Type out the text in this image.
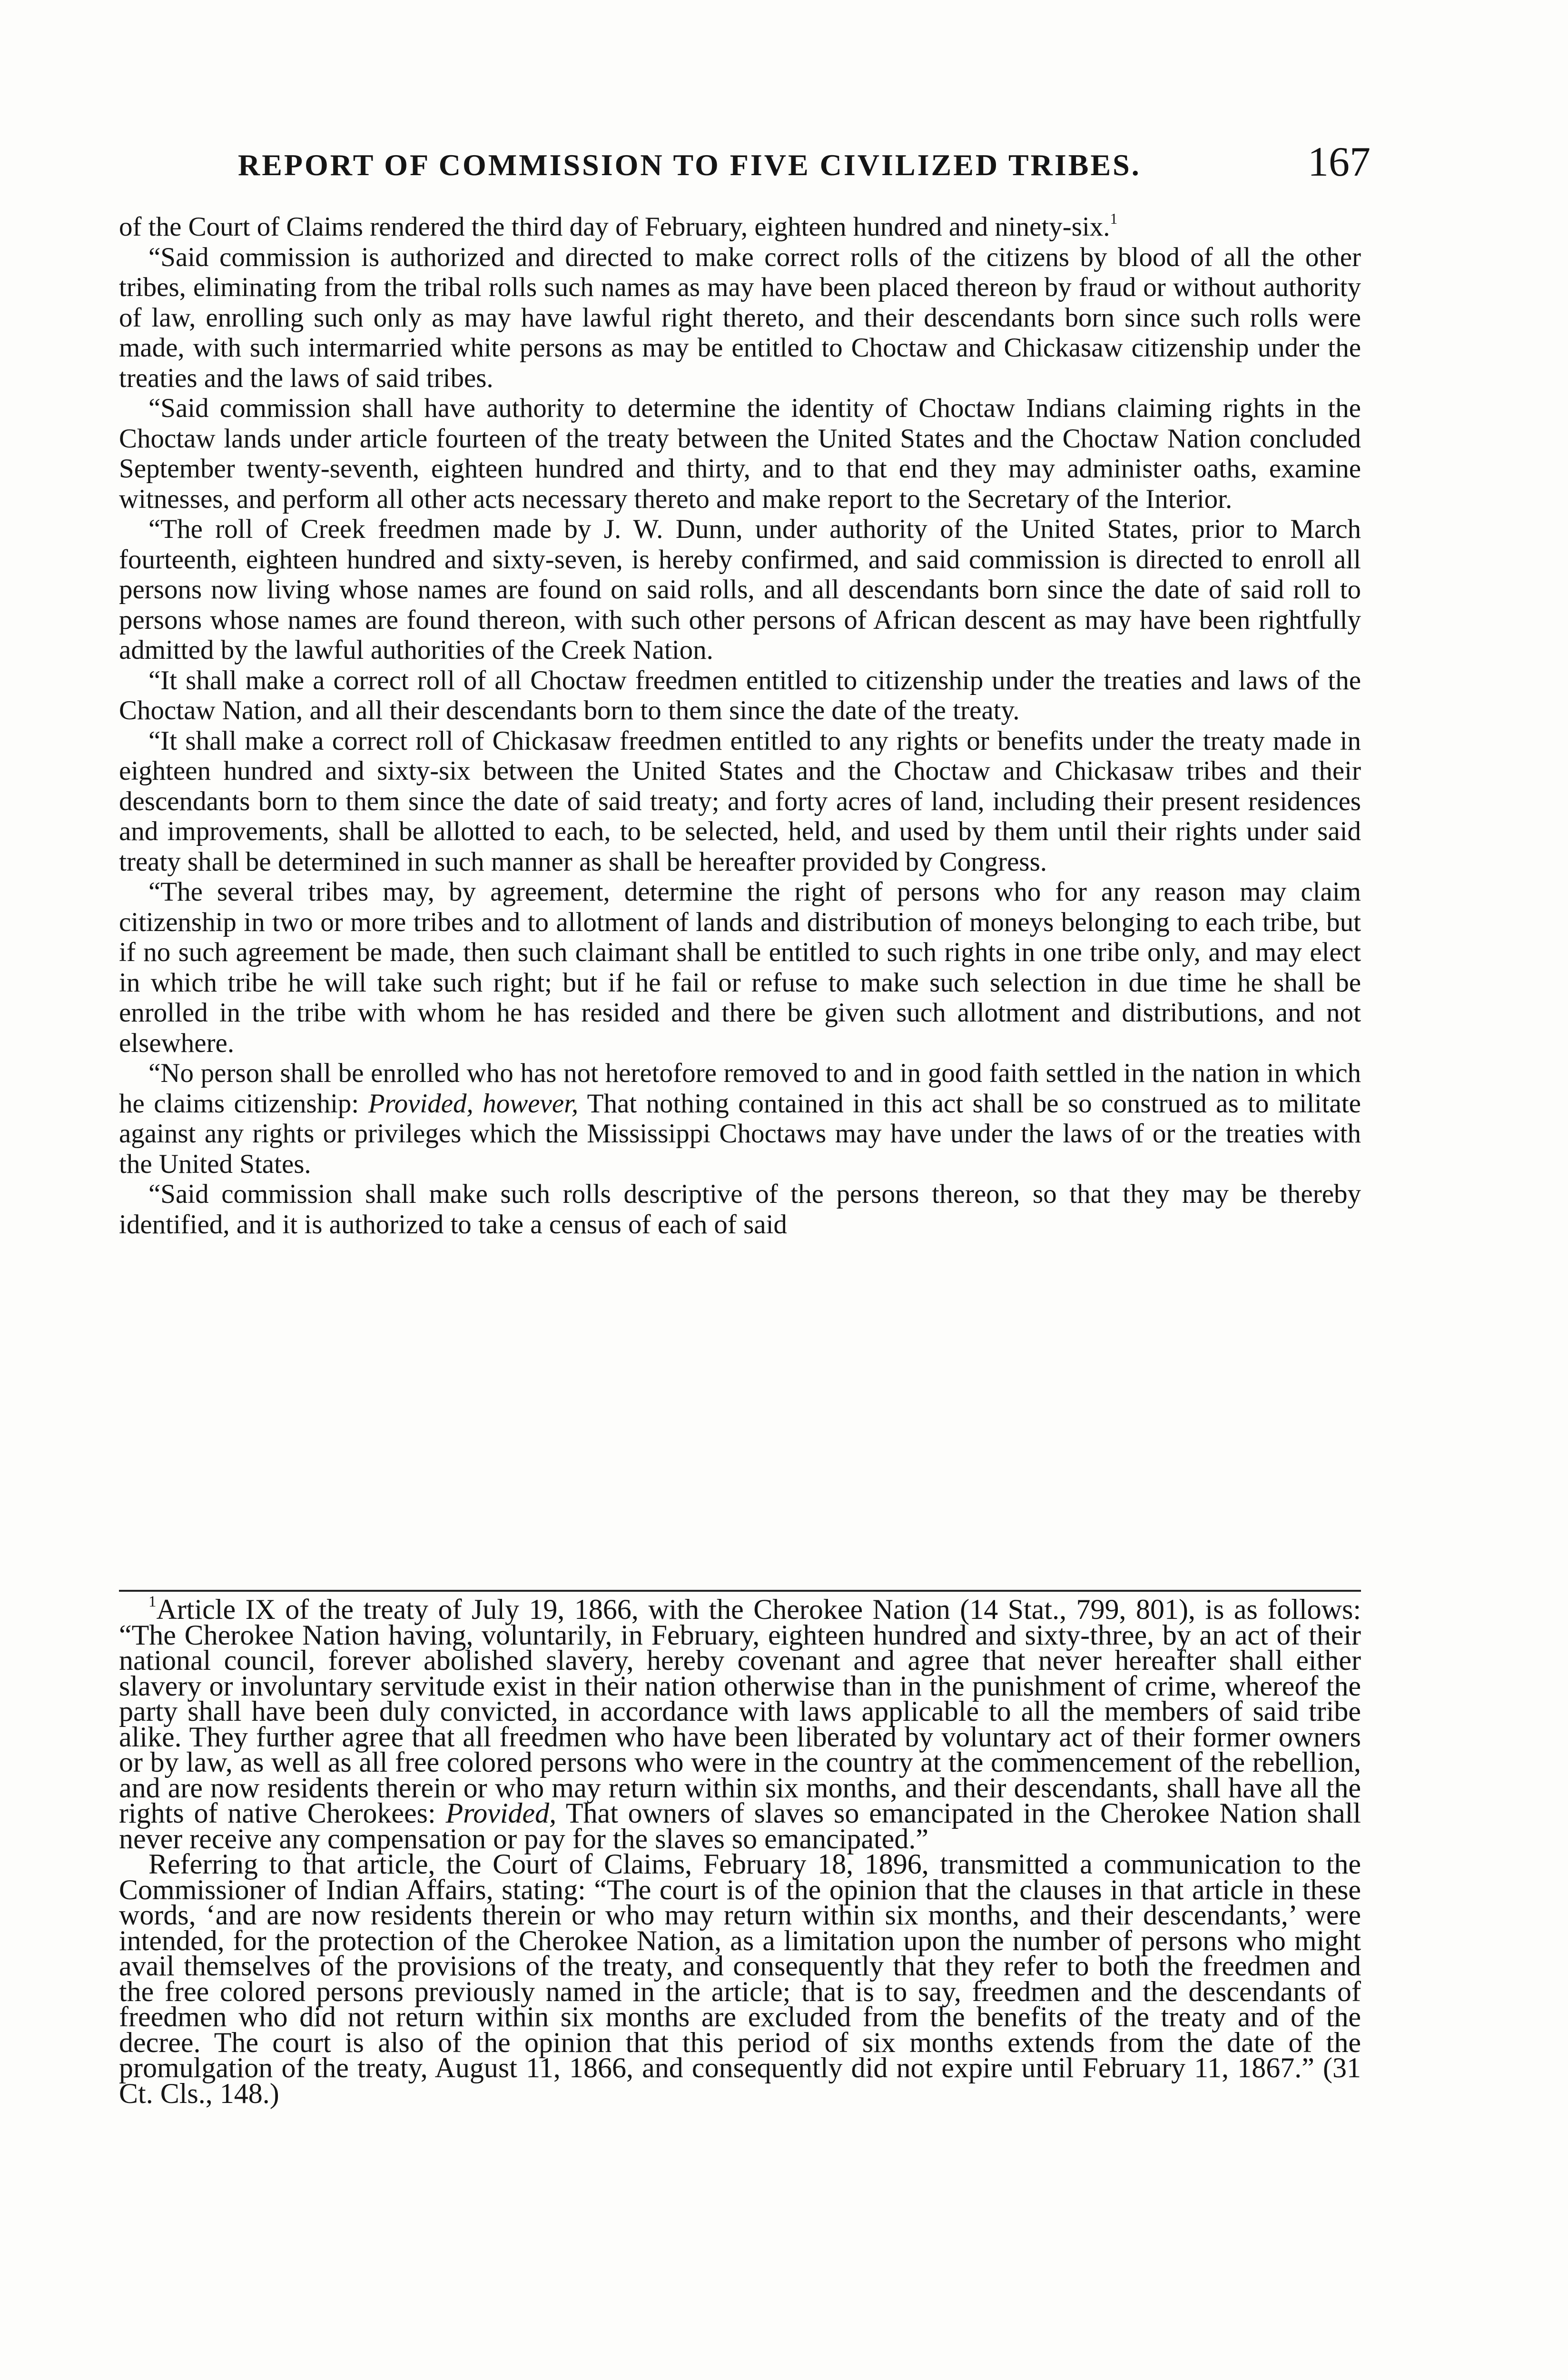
REPORT OF COMMISSION TO FIVE CIVILIZED TRIBES.	167

of the Court of Claims rendered the third day of February, eighteen hundred and ninety-six.$^1$

“Said commission is authorized and directed to make correct rolls of the citizens by blood of all the other tribes, eliminating from the tribal rolls such names as may have been placed thereon by fraud or without authority of law, enrolling such only as may have lawful right thereto, and their descendants born since such rolls were made, with such intermarried white persons as may be entitled to Choctaw and Chickasaw citizenship under the treaties and the laws of said tribes.

“Said commission shall have authority to determine the identity of Choctaw Indians claiming rights in the Choctaw lands under article fourteen of the treaty between the United States and the Choctaw Nation concluded September twenty-seventh, eighteen hundred and thirty, and to that end they may administer oaths, examine witnesses, and perform all other acts necessary thereto and make report to the Secretary of the Interior.

“The roll of Creek freedmen made by J. W. Dunn, under authority of the United States, prior to March fourteenth, eighteen hundred and sixty-seven, is hereby confirmed, and said commission is directed to enroll all persons now living whose names are found on said rolls, and all descendants born since the date of said roll to persons whose names are found thereon, with such other persons of African descent as may have been rightfully admitted by the lawful authorities of the Creek Nation.

“It shall make a correct roll of all Choctaw freedmen entitled to citizenship under the treaties and laws of the Choctaw Nation, and all their descendants born to them since the date of the treaty.

“It shall make a correct roll of Chickasaw freedmen entitled to any rights or benefits under the treaty made in eighteen hundred and sixty-six between the United States and the Choctaw and Chickasaw tribes and their descendants born to them since the date of said treaty; and forty acres of land, including their present residences and improvements, shall be allotted to each, to be selected, held, and used by them until their rights under said treaty shall be determined in such manner as shall be hereafter provided by Congress.

“The several tribes may, by agreement, determine the right of persons who for any reason may claim citizenship in two or more tribes and to allotment of lands and distribution of moneys belonging to each tribe, but if no such agreement be made, then such claimant shall be entitled to such rights in one tribe only, and may elect in which tribe he will take such right; but if he fail or refuse to make such selection in due time he shall be enrolled in the tribe with whom he has resided and there be given such allotment and distributions, and not elsewhere.

“No person shall be enrolled who has not heretofore removed to and in good faith settled in the nation in which he claims citizenship: Provided, however, That nothing contained in this act shall be so construed as to militate against any rights or privileges which the Mississippi Choctaws may have under the laws of or the treaties with the United States.

“Said commission shall make such rolls descriptive of the persons thereon, so that they may be thereby identified, and it is authorized to take a census of each of said

$^1$Article IX of the treaty of July 19, 1866, with the Cherokee Nation (14 Stat., 799, 801), is as follows: “The Cherokee Nation having, voluntarily, in February, eighteen hundred and sixty-three, by an act of their national council, forever abolished slavery, hereby covenant and agree that never hereafter shall either slavery or involuntary servitude exist in their nation otherwise than in the punishment of crime, whereof the party shall have been duly convicted, in accordance with laws applicable to all the members of said tribe alike. They further agree that all freedmen who have been liberated by voluntary act of their former owners or by law, as well as all free colored persons who were in the country at the commencement of the rebellion, and are now residents therein or who may return within six months, and their descendants, shall have all the rights of native Cherokees: Provided, That owners of slaves so emancipated in the Cherokee Nation shall never receive any compensation or pay for the slaves so emancipated.”

Referring to that article, the Court of Claims, February 18, 1896, transmitted a communication to the Commissioner of Indian Affairs, stating: “The court is of the opinion that the clauses in that article in these words, ‘and are now residents therein or who may return within six months, and their descendants,’ were intended, for the protection of the Cherokee Nation, as a limitation upon the number of persons who might avail themselves of the provisions of the treaty, and consequently that they refer to both the freedmen and the free colored persons previously named in the article; that is to say, freedmen and the descendants of freedmen who did not return within six months are excluded from the benefits of the treaty and of the decree. The court is also of the opinion that this period of six months extends from the date of the promulgation of the treaty, August 11, 1866, and consequently did not expire until February 11, 1867.” (31 Ct. Cls., 148.)
